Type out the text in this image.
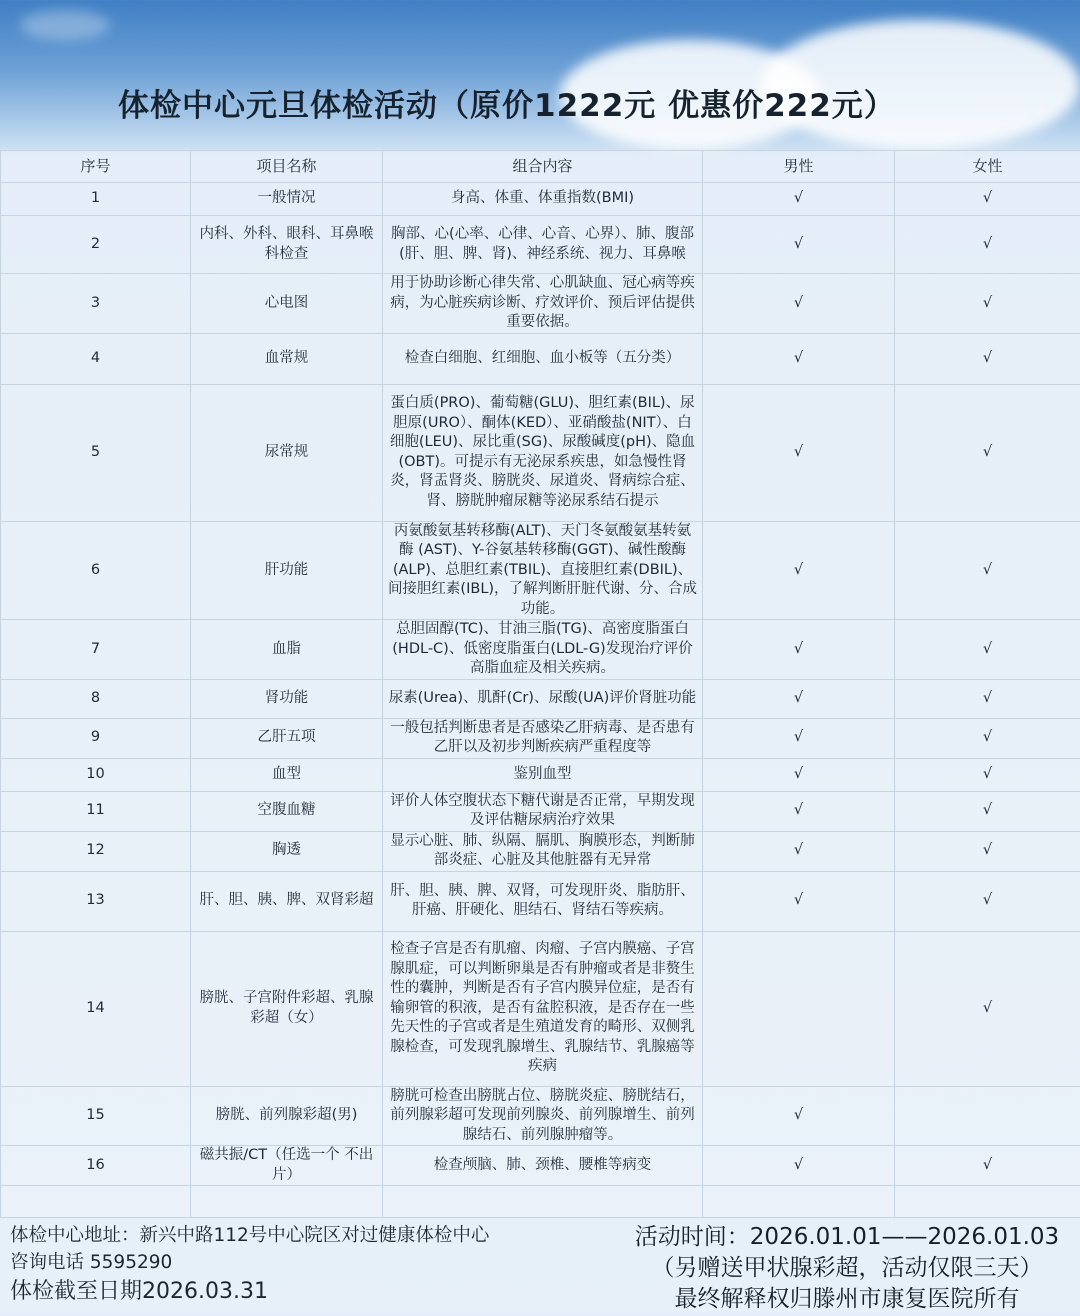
体检中心元旦体检活动（原价1222元 优惠价222元）
序号	项目名称	组合内容	男性	女性
1	一般情况	身高、体重、体重指数(BMI)	√	√
2	内科、外科、眼科、耳鼻喉科检查	胸部、心(心率、心律、心音、心界）、肺、腹部(肝、胆、脾、肾)、神经系统、视力、耳鼻喉	√	√
3	心电图	用于协助诊断心律失常、心肌缺血、冠心病等疾病，为心脏疾病诊断、疗效评价、预后评估提供重要依据。	√	√
4	血常规	检查白细胞、红细胞、血小板等（五分类）	√	√
5	尿常规	蛋白质(PRO)、葡萄糖(GLU)、胆红素(BIL)、尿胆原(URO）、酮体(KED）、亚硝酸盐(NIT）、白细胞(LEU)、尿比重(SG)、尿酸碱度(pH)、隐血(OBT)。可提示有无泌尿系疾患，如急慢性肾炎，肾盂肾炎、膀胱炎、尿道炎、肾病综合症、肾、膀胱肿瘤尿糖等泌尿系结石提示	√	√
6	肝功能	丙氨酸氨基转移酶(ALT)、天门冬氨酸氨基转氨酶 (AST)、Y-谷氨基转移酶(GGT)、碱性酸酶 (ALP)、总胆红素(TBIL)、直接胆红素(DBIL)、间接胆红素(IBL)，了解判断肝脏代谢、分、合成功能。	√	√
7	血脂	总胆固醇(TC)、甘油三脂(TG)、高密度脂蛋白(HDL-C)、低密度脂蛋白(LDL-G)发现治疗评价高脂血症及相关疾病。	√	√
8	肾功能	尿素(Urea)、肌酐(Cr)、尿酸(UA)评价肾脏功能	√	√
9	乙肝五项	一般包括判断患者是否感染乙肝病毒、是否患有乙肝以及初步判断疾病严重程度等	√	√
10	血型	鉴别血型	√	√
11	空腹血糖	评价人体空腹状态下糖代谢是否正常，早期发现及评估糖尿病治疗效果	√	√
12	胸透	显示心脏、肺、纵隔、膈肌、胸膜形态，判断肺部炎症、心脏及其他脏器有无异常	√	√
13	肝、胆、胰、脾、双肾彩超	肝、胆、胰、脾、双肾，可发现肝炎、脂肪肝、肝癌、肝硬化、胆结石、肾结石等疾病。	√	√
14	膀胱、子宫附件彩超、乳腺彩超（女）	检查子宫是否有肌瘤、肉瘤、子宫内膜癌、子宫腺肌症，可以判断卵巢是否有肿瘤或者是非赘生性的囊肿，判断是否有子宫内膜异位症，是否有输卵管的积液，是否有盆腔积液，是否存在一些先天性的子宫或者是生殖道发育的畸形、双侧乳腺检查，可发现乳腺增生、乳腺结节、乳腺癌等疾病		√
15	膀胱、前列腺彩超(男)	膀胱可检查出膀胱占位、膀胱炎症、膀胱结石，前列腺彩超可发现前列腺炎、前列腺增生、前列腺结石、前列腺肿瘤等。	√	
16	磁共振/CT（任选一个 不出片）	检查颅脑、肺、颈椎、腰椎等病变	√	√

体检中心地址：新兴中路112号中心院区对过健康体检中心
咨询电话 5595290
体检截至日期2026.03.31
活动时间：2026.01.01——2026.01.03
（另赠送甲状腺彩超，活动仅限三天）
最终解释权归滕州市康复医院所有
